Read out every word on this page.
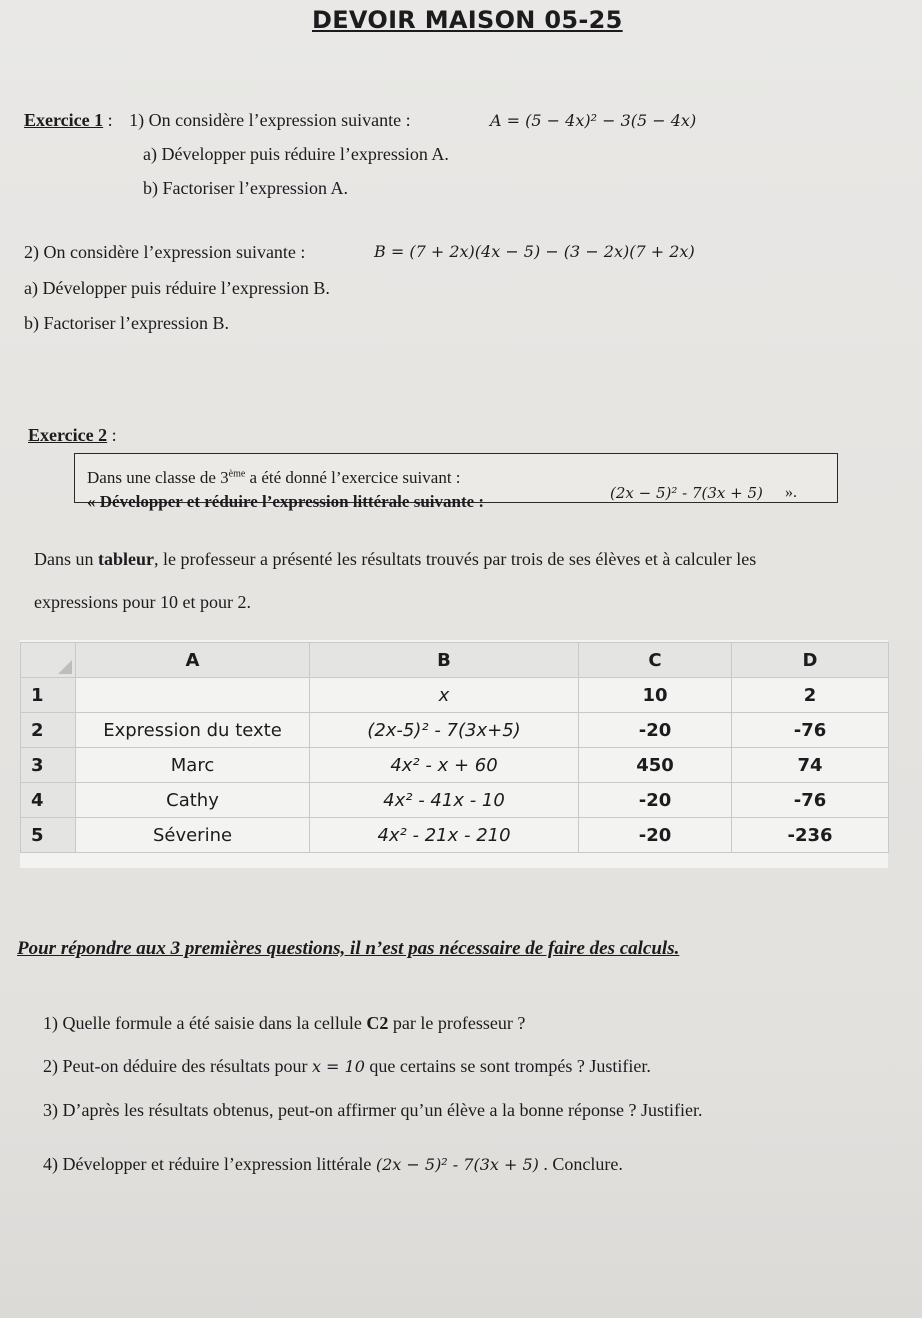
DEVOIR MAISON 05-25
Exercice 1 : 1) On considère l’expression suivante :	A = (5 − 4x)² − 3(5 − 4x)
a) Développer puis réduire l’expression A.
b) Factoriser l’expression A.
2) On considère l’expression suivante :	B = (7 + 2x)(4x − 5) − (3 − 2x)(7 + 2x)
a) Développer puis réduire l’expression B.
b) Factoriser l’expression B.
Exercice 2 :
Dans une classe de 3ème a été donné l’exercice suivant :
« Développer et réduire l’expression littérale suivante :	(2x − 5)² - 7(3x + 5) ».
Dans un tableur, le professeur a présenté les résultats trouvés par trois de ses élèves et à calculer les
expressions pour 10 et pour 2.
	A	B	C	D
1		x	10	2
2	Expression du texte	(2x-5)² - 7(3x+5)	-20	-76
3	Marc	4x² - x + 60	450	74
4	Cathy	4x² - 41x - 10	-20	-76
5	Séverine	4x² - 21x - 210	-20	-236
Pour répondre aux 3 premières questions, il n’est pas nécessaire de faire des calculs.
1) Quelle formule a été saisie dans la cellule C2 par le professeur ?
2) Peut-on déduire des résultats pour x = 10 que certains se sont trompés ? Justifier.
3) D’après les résultats obtenus, peut-on affirmer qu’un élève a la bonne réponse ? Justifier.
4) Développer et réduire l’expression littérale (2x − 5)² - 7(3x + 5) . Conclure.
